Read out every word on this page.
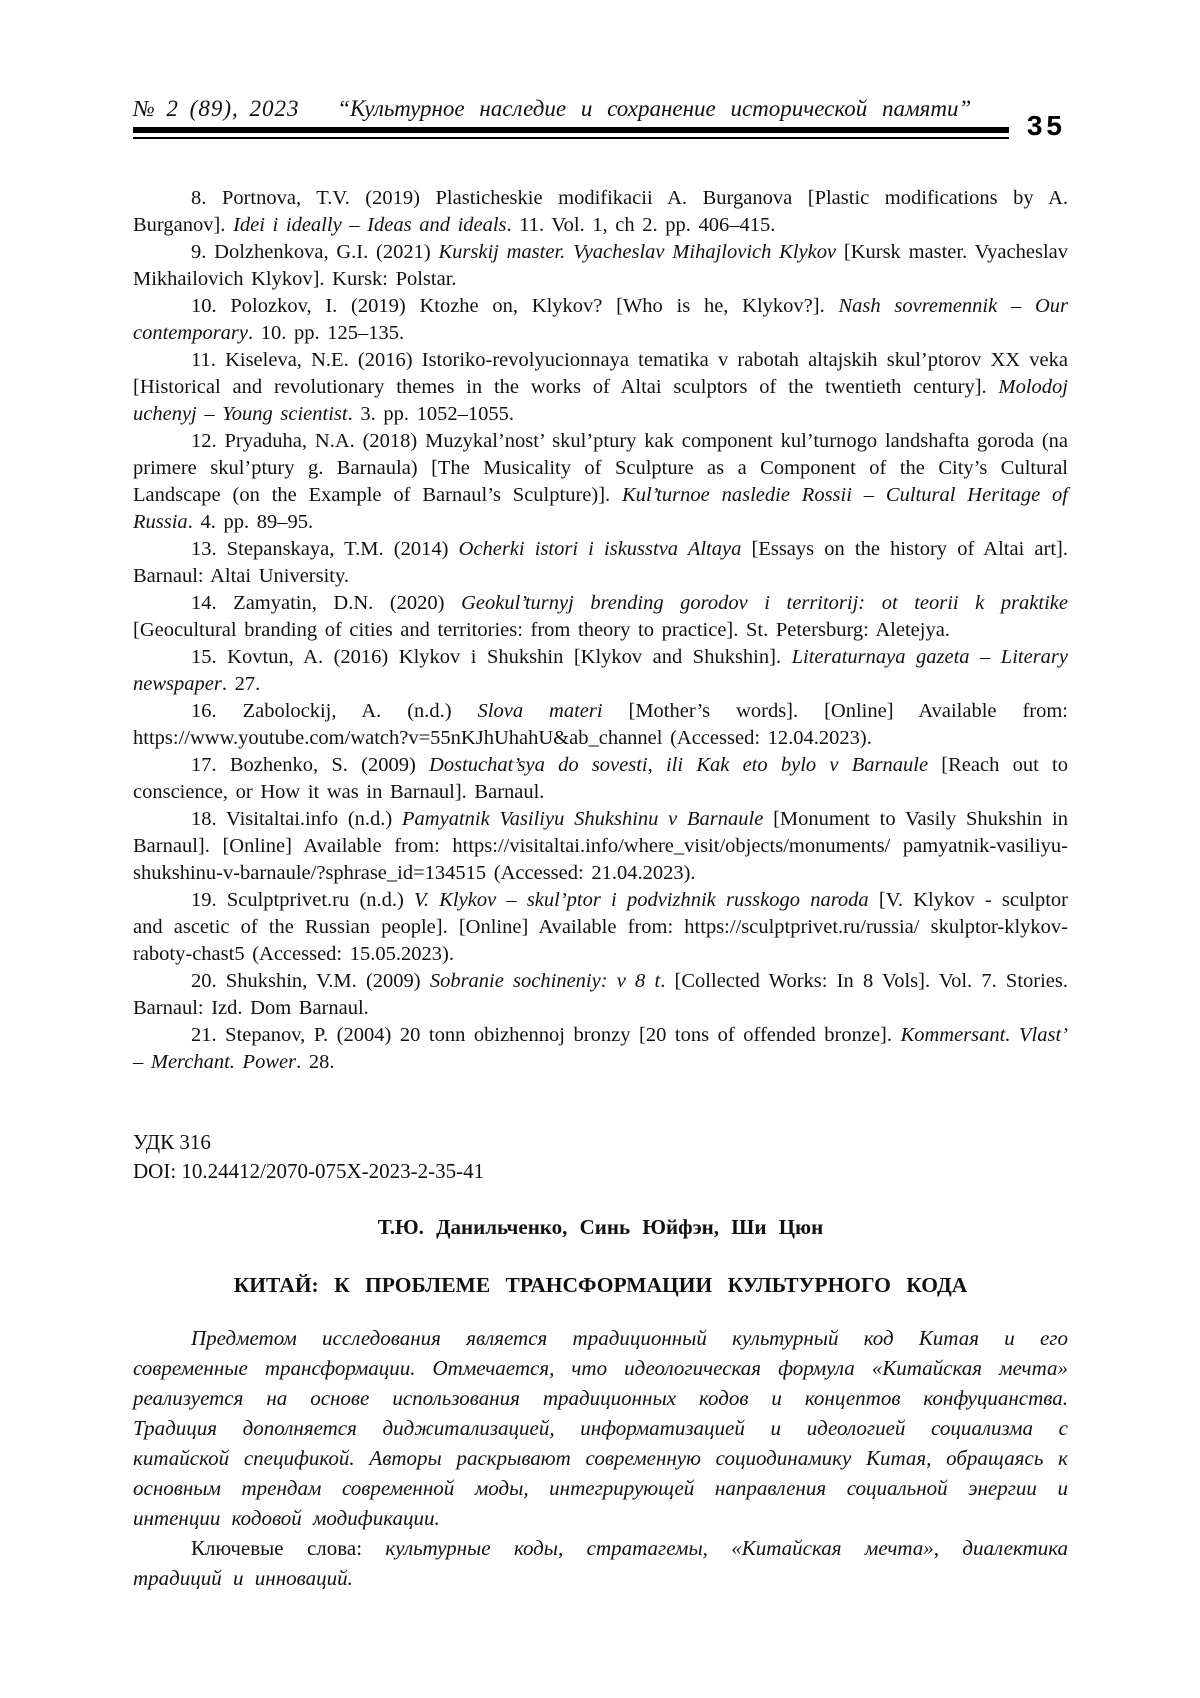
№ 2 (89), 2023	“Культурное наследие и сохранение исторической памяти”
35

8. Portnova, T.V. (2019) Plasticheskie modifikacii A. Burganova [Plastic modifications by A. Burganov]. Idei i ideally – Ideas and ideals. 11. Vol. 1, ch 2. pp. 406–415.

9. Dolzhenkova, G.I. (2021) Kurskij master. Vyacheslav Mihajlovich Klykov [Kursk master. Vyacheslav Mikhailovich Klykov]. Kursk: Polstar.

10. Polozkov, I. (2019) Ktozhe on, Klykov? [Who is he, Klykov?]. Nash sovremennik – Our contemporary. 10. pp. 125–135.

11. Kiseleva, N.E. (2016) Istoriko-revolyucionnaya tematika v rabotah altajskih skul’ptorov XX veka [Historical and revolutionary themes in the works of Altai sculptors of the twentieth century]. Molodoj uchenyj – Young scientist. 3. pp. 1052–1055.

12. Pryaduha, N.A. (2018) Muzykal’nost’ skul’ptury kak component kul’turnogo landshafta goroda (na primere skul’ptury g. Barnaula) [The Musicality of Sculpture as a Component of the City’s Cultural Landscape (on the Example of Barnaul’s Sculpture)]. Kul’turnoe nasledie Rossii – Cultural Heritage of Russia. 4. pp. 89–95.

13. Stepanskaya, T.M. (2014) Ocherki istori i iskusstva Altaya [Essays on the history of Altai art]. Barnaul: Altai University.

14. Zamyatin, D.N. (2020) Geokul’turnyj brending gorodov i territorij: ot teorii k praktike [Geocultural branding of cities and territories: from theory to practice]. St. Petersburg: Aletejya.

15. Kovtun, A. (2016) Klykov i Shukshin [Klykov and Shukshin]. Literaturnaya gazeta – Literary newspaper. 27.

16. Zabolockij, A. (n.d.) Slova materi [Mother’s words]. [Online] Available from: https://www.youtube.com/watch?v=55nKJhUhahU&ab_channel (Accessed: 12.04.2023).

17. Bozhenko, S. (2009) Dostuchat’sya do sovesti, ili Kak eto bylo v Barnaule [Reach out to conscience, or How it was in Barnaul]. Barnaul.

18. Visitaltai.info (n.d.) Pamyatnik Vasiliyu Shukshinu v Barnaule [Monument to Vasily Shukshin in Barnaul]. [Online] Available from: https://visitaltai.info/where_visit/objects/monuments/ pamyatnik-vasiliyu-shukshinu-v-barnaule/?sphrase_id=134515 (Accessed: 21.04.2023).

19. Sculptprivet.ru (n.d.) V. Klykov – skul’ptor i podvizhnik russkogo naroda [V. Klykov - sculptor and ascetic of the Russian people]. [Online] Available from: https://sculptprivet.ru/russia/ skulptor-klykov-raboty-chast5 (Accessed: 15.05.2023).

20. Shukshin, V.M. (2009) Sobranie sochineniy: v 8 t. [Collected Works: In 8 Vols]. Vol. 7. Stories. Barnaul: Izd. Dom Barnaul.

21. Stepanov, P. (2004) 20 tonn obizhennoj bronzy [20 tons of offended bronze]. Kommersant. Vlast’ – Merchant. Power. 28.

УДК 316

DOI: 10.24412/2070-075X-2023-2-35-41

Т.Ю. Данильченко, Синь Юйфэн, Ши Цюн

КИТАЙ: К ПРОБЛЕМЕ ТРАНСФОРМАЦИИ КУЛЬТУРНОГО КОДА

Предметом исследования является традиционный культурный код Китая и его современные трансформации. Отмечается, что идеологическая формула «Китайская мечта» реализуется на основе использования традиционных кодов и концептов конфуцианства. Традиция дополняется диджитализацией, информатизацией и идеологией социализма с китайской спецификой. Авторы раскрывают современную социодинамику Китая, обращаясь к основным трендам современной моды, интегрирующей направления социальной энергии и интенции кодовой модификации.

Ключевые слова: культурные коды, стратагемы, «Китайская мечта», диалектика традиций и инноваций.
